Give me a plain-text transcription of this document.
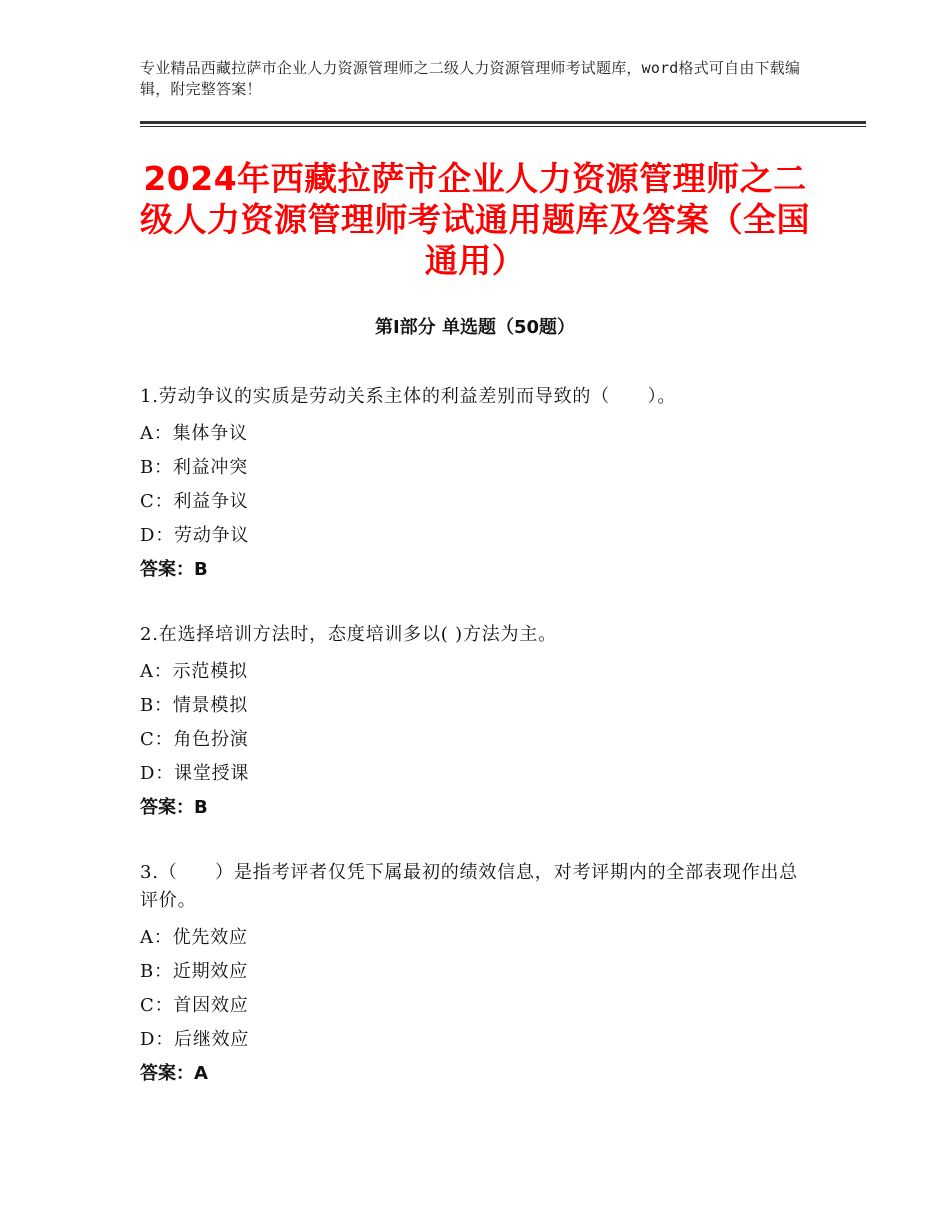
专业精品西藏拉萨市企业人力资源管理师之二级人力资源管理师考试题库，word格式可自由下载编辑，附完整答案！
2024年西藏拉萨市企业人力资源管理师之二级人力资源管理师考试通用题库及答案（全国通用）
第Ⅰ部分 单选题（50题）
1.劳动争议的实质是劳动关系主体的利益差别而导致的（　　）。
A：集体争议
B：利益冲突
C：利益争议
D：劳动争议
答案：B
2.在选择培训方法时，态度培训多以( )方法为主。
A：示范模拟
B：情景模拟
C：角色扮演
D：课堂授课
答案：B
3.（　　）是指考评者仅凭下属最初的绩效信息，对考评期内的全部表现作出总评价。
A：优先效应
B：近期效应
C：首因效应
D：后继效应
答案：A
